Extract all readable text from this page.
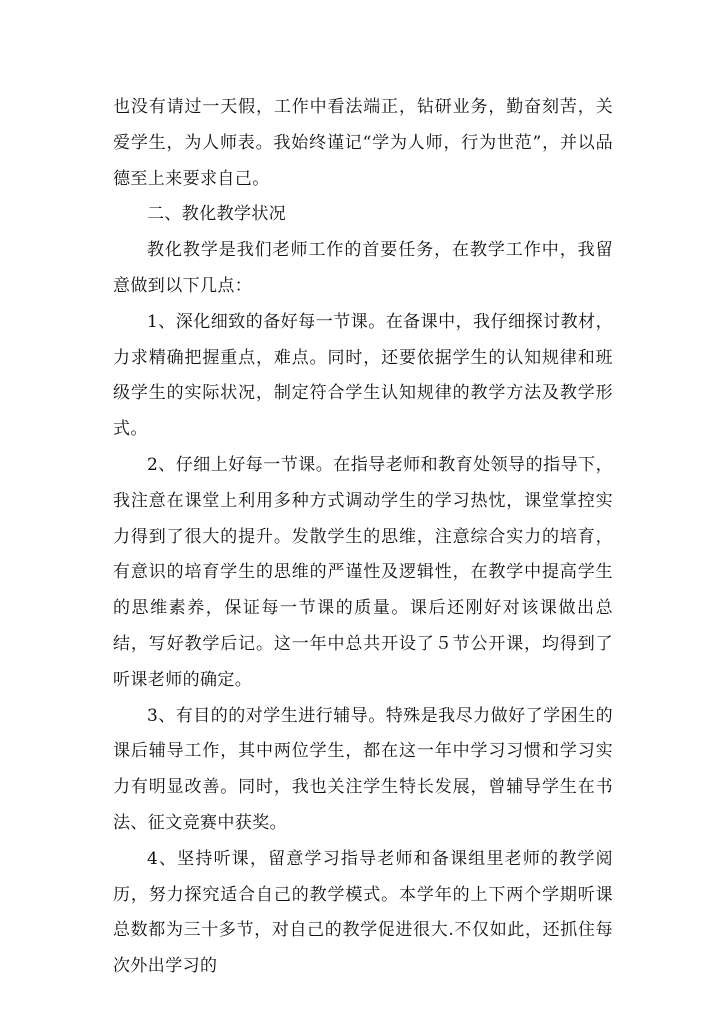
也没有请过一天假，工作中看法端正，钻研业务，勤奋刻苦，关爱学生，为人师表。我始终谨记“学为人师，行为世范”，并以品德至上来要求自己。

二、教化教学状况

教化教学是我们老师工作的首要任务，在教学工作中，我留意做到以下几点：

1、深化细致的备好每一节课。在备课中，我仔细探讨教材，力求精确把握重点，难点。同时，还要依据学生的认知规律和班级学生的实际状况，制定符合学生认知规律的教学方法及教学形式。

2、仔细上好每一节课。在指导老师和教育处领导的指导下，我注意在课堂上利用多种方式调动学生的学习热忱，课堂掌控实力得到了很大的提升。发散学生的思维，注意综合实力的培育，有意识的培育学生的思维的严谨性及逻辑性，在教学中提高学生的思维素养，保证每一节课的质量。课后还刚好对该课做出总结，写好教学后记。这一年中总共开设了５节公开课，均得到了听课老师的确定。

3、有目的的对学生进行辅导。特殊是我尽力做好了学困生的课后辅导工作，其中两位学生，都在这一年中学习习惯和学习实力有明显改善。同时，我也关注学生特长发展，曾辅导学生在书法、征文竞赛中获奖。

4、坚持听课，留意学习指导老师和备课组里老师的教学阅历，努力探究适合自己的教学模式。本学年的上下两个学期听课总数都为三十多节，对自己的教学促进很大.不仅如此，还抓住每次外出学习的
